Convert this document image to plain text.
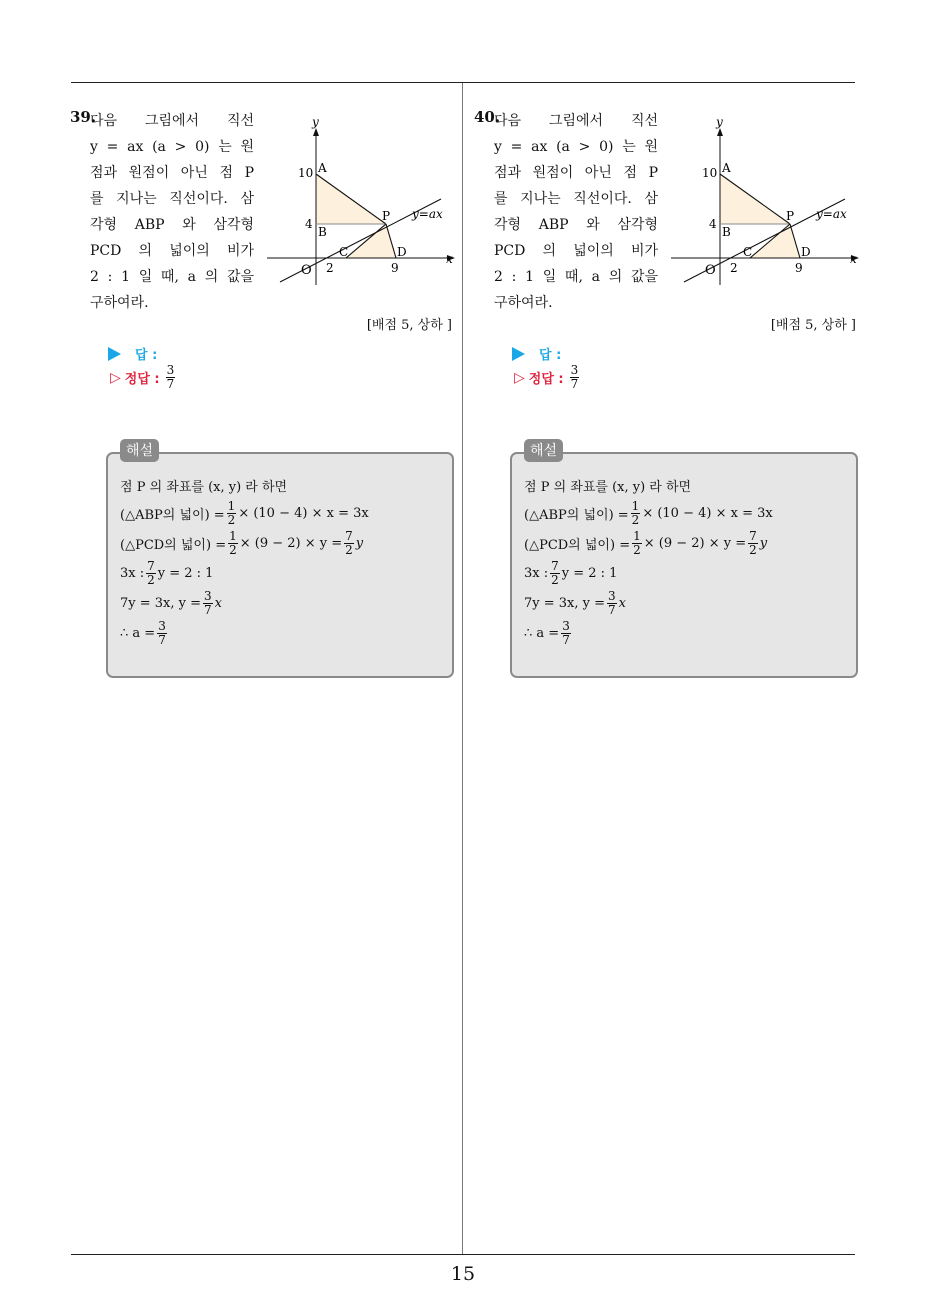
15
39.
다음 그림에서 직선
y = ax (a > 0) 는 원
점과 원점이 아닌 점 P
를 지나는 직선이다. 삼
각형 ABP 와 삼각형
PCD 의 넓이의 비가
2 : 1 일 때, a 의 값을
구하여라.
y
x
10 A
4
B
P y=ax
C	D
O 2	9
[배점 5, 상하 ]
답 :
▷ 정답 : $\frac{3}{7}$
점 P 의 좌표를 (x, y) 라 하면
(△ABP의 넓이) = $\frac{1}{2} \times (10 - 4) \times x = 3x$
(△PCD의 넓이) = $\frac{1}{2} \times (9 - 2) \times y = \frac{7}{2}$ y
3x : $\frac{7}{2}$ y = 2 : 1
7y = 3x, $y = \frac{3}{7}$ x
∴ $a = \frac{3}{7}$
해설
40.
다음 그림에서 직선
y = ax (a > 0) 는 원
점과 원점이 아닌 점 P
를 지나는 직선이다. 삼
각형 ABP 와 삼각형
PCD 의 넓이의 비가
2 : 1 일 때, a 의 값을
구하여라.
y
x
10 A
4
B
P y=ax
C	D
O 2	9
[배점 5, 상하 ]
답 :
▷ 정답 : $\frac{3}{7}$
점 P 의 좌표를 (x, y) 라 하면
(△ABP의 넓이) = $\frac{1}{2} \times (10 - 4) \times x = 3x$
(△PCD의 넓이) = $\frac{1}{2} \times (9 - 2) \times y = \frac{7}{2}$ y
3x : $\frac{7}{2}$ y = 2 : 1
7y = 3x, $y = \frac{3}{7}$ x
∴ $a = \frac{3}{7}$
해설
